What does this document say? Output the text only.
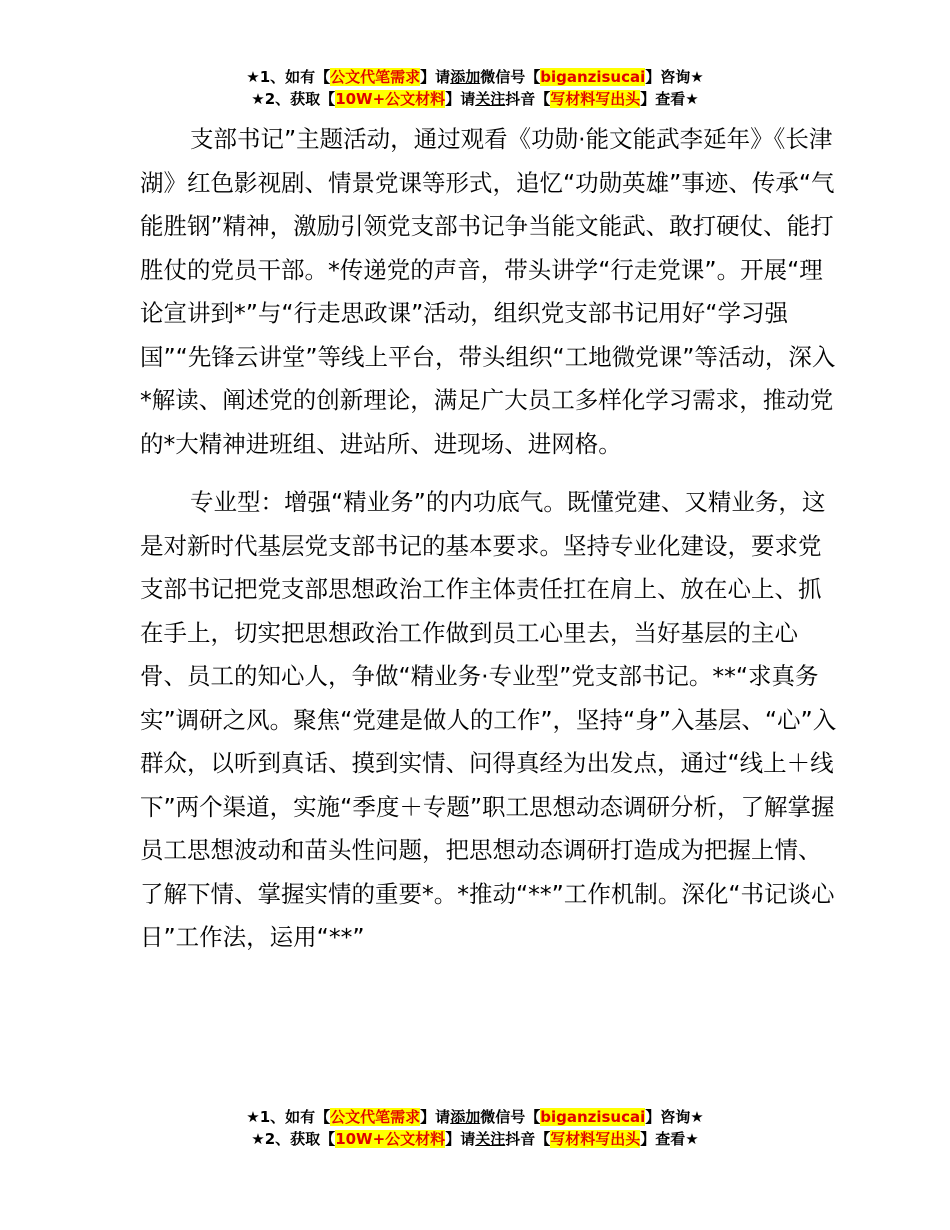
★1、如有【公文代笔需求】请添加微信号【biganzisucai】咨询★
★2、获取【10W+公文材料】请关注抖音【写材料写出头】查看★

支部书记”主题活动，通过观看《功勋·能文能武李延年》《长津湖》红色影视剧、情景党课等形式，追忆“功勋英雄”事迹、传承“气能胜钢”精神，激励引领党支部书记争当能文能武、敢打硬仗、能打胜仗的党员干部。*传递党的声音，带头讲学“行走党课”。开展“理论宣讲到*”与“行走思政课”活动，组织党支部书记用好“学习强国”“先锋云讲堂”等线上平台，带头组织“工地微党课”等活动，深入*解读、阐述党的创新理论，满足广大员工多样化学习需求，推动党的*大精神进班组、进站所、进现场、进网格。

专业型：增强“精业务”的内功底气。既懂党建、又精业务，这是对新时代基层党支部书记的基本要求。坚持专业化建设，要求党支部书记把党支部思想政治工作主体责任扛在肩上、放在心上、抓在手上，切实把思想政治工作做到员工心里去，当好基层的主心骨、员工的知心人，争做“精业务·专业型”党支部书记。**“求真务实”调研之风。聚焦“党建是做人的工作”，坚持“身”入基层、“心”入群众，以听到真话、摸到实情、问得真经为出发点，通过“线上＋线下”两个渠道，实施“季度＋专题”职工思想动态调研分析，了解掌握员工思想波动和苗头性问题，把思想动态调研打造成为把握上情、了解下情、掌握实情的重要*。*推动“**”工作机制。深化“书记谈心日”工作法，运用“**”

★1、如有【公文代笔需求】请添加微信号【biganzisucai】咨询★
★2、获取【10W+公文材料】请关注抖音【写材料写出头】查看★
